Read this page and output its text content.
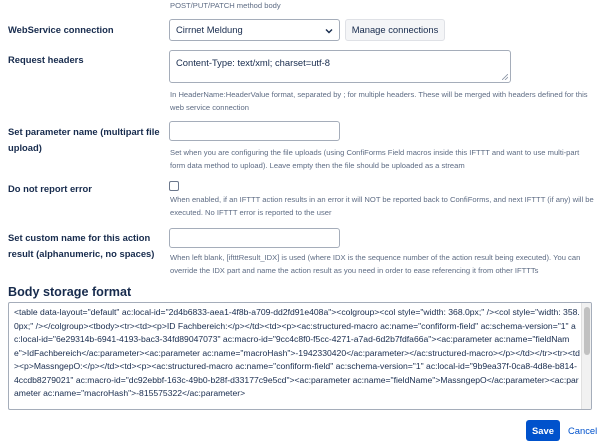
POST/PUT/PATCH method body
WebService connection	Cirrnet Meldung	Manage connections
Request headers	Content-Type: text/xml; charset=utf-8
In HeaderName:HeaderValue format, separated by ; for multiple headers. These will be merged with headers defined for this web service connection
Set parameter name (multipart file upload)	Set when you are configuring the file uploads (using ConfiForms Field macros inside this IFTTT and want to use multi-part form data method to upload). Leave empty then the file should be uploaded as a stream
Do not report error
When enabled, if an IFTTT action results in an error it will NOT be reported back to ConfiForms, and next IFTTT (if any) will be executed. No IFTTT error is reported to the user
Set custom name for this action result (alphanumeric, no spaces)	When left blank, [iftttResult_IDX] is used (where IDX is the sequence number of the action result being executed). You can override the IDX part and name the action result as you need in order to ease referencing it from other IFTTTs
Body storage format
<table data-layout="default" ac:local-id="2d4b6833-aea1-4f8b-a709-dd2fd91e408a"><colgroup><col style="width: 368.0px;" /><col style="width: 358.0px;" /></colgroup><tbody><tr><td><p>ID Fachbereich:</p></td><td><p><ac:structured-macro ac:name="confiform-field" ac:schema-version="1" ac:local-id="6e29314b-6941-4193-bac3-34fd89047073" ac:macro-id="9cc4c8f0-f5cc-4271-a7ad-6d2b7fdfa66a"><ac:parameter ac:name="fieldName">IdFachbereich</ac:parameter><ac:parameter ac:name="macroHash">-1942330420</ac:parameter></ac:structured-macro></p></td></tr><tr><td><p>MassngepO:</p></td><td><p><ac:structured-macro ac:name="confiform-field" ac:schema-version="1" ac:local-id="9b9ea37f-0ca8-4d8e-b814-4ccdb8279021" ac:macro-id="dc92ebbf-163c-49b0-b28f-d33177c9e5cd"><ac:parameter ac:name="fieldName">MassngepO</ac:parameter><ac:parameter ac:name="macroHash">-815575322</ac:parameter>
Save	Cancel
